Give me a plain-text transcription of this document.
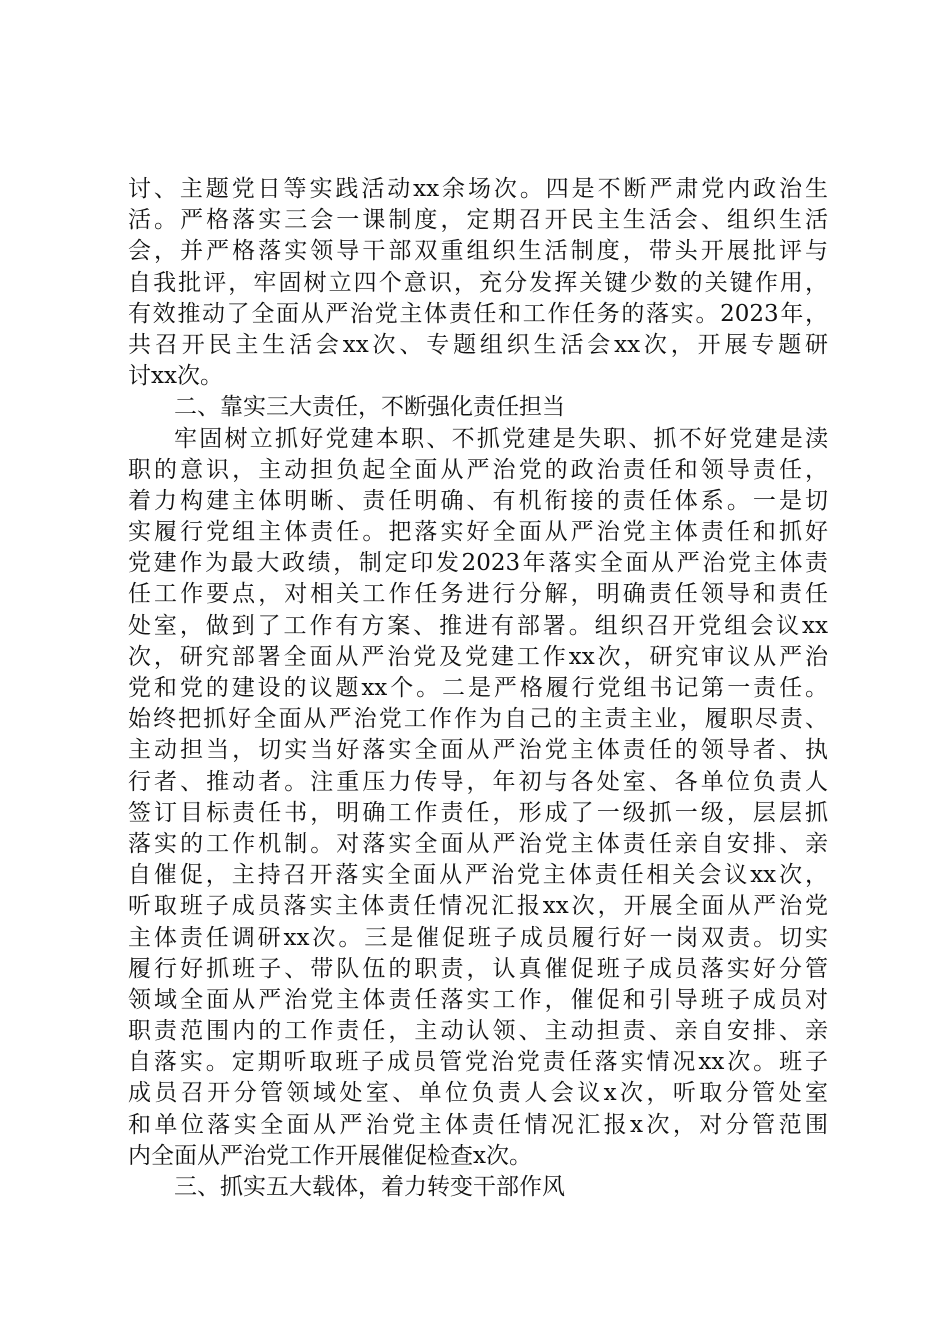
讨、主题党日等实践活动xx余场次。四是不断严肃党内政治生
活。严格落实三会一课制度，定期召开民主生活会、组织生活
会，并严格落实领导干部双重组织生活制度，带头开展批评与
自我批评，牢固树立四个意识，充分发挥关键少数的关键作用，
有效推动了全面从严治党主体责任和工作任务的落实。2023年，
共召开民主生活会xx次、专题组织生活会xx次，开展专题研
讨xx次。
二、靠实三大责任，不断强化责任担当
牢固树立抓好党建本职、不抓党建是失职、抓不好党建是渎
职的意识，主动担负起全面从严治党的政治责任和领导责任，
着力构建主体明晰、责任明确、有机衔接的责任体系。一是切
实履行党组主体责任。把落实好全面从严治党主体责任和抓好
党建作为最大政绩，制定印发2023年落实全面从严治党主体责
任工作要点，对相关工作任务进行分解，明确责任领导和责任
处室，做到了工作有方案、推进有部署。组织召开党组会议xx
次，研究部署全面从严治党及党建工作xx次，研究审议从严治
党和党的建设的议题xx个。二是严格履行党组书记第一责任。
始终把抓好全面从严治党工作作为自己的主责主业，履职尽责、
主动担当，切实当好落实全面从严治党主体责任的领导者、执
行者、推动者。注重压力传导，年初与各处室、各单位负责人
签订目标责任书，明确工作责任，形成了一级抓一级，层层抓
落实的工作机制。对落实全面从严治党主体责任亲自安排、亲
自催促，主持召开落实全面从严治党主体责任相关会议xx次，
听取班子成员落实主体责任情况汇报xx次，开展全面从严治党
主体责任调研xx次。三是催促班子成员履行好一岗双责。切实
履行好抓班子、带队伍的职责，认真催促班子成员落实好分管
领域全面从严治党主体责任落实工作，催促和引导班子成员对
职责范围内的工作责任，主动认领、主动担责、亲自安排、亲
自落实。定期听取班子成员管党治党责任落实情况xx次。班子
成员召开分管领域处室、单位负责人会议x次，听取分管处室
和单位落实全面从严治党主体责任情况汇报x次，对分管范围
内全面从严治党工作开展催促检查x次。
三、抓实五大载体，着力转变干部作风
